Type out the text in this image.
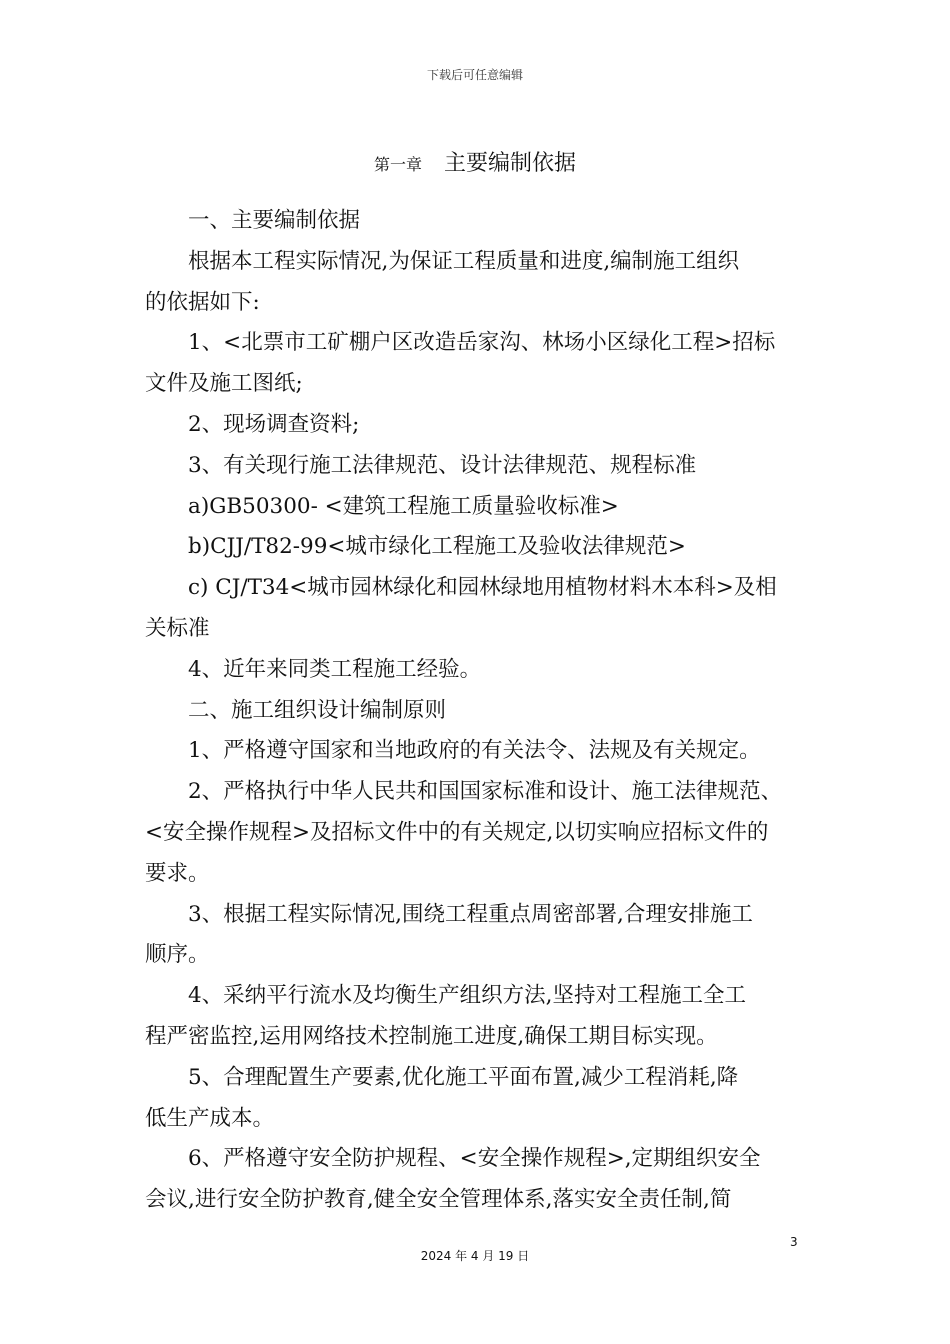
下载后可任意编辑
第一章 主要编制依据

一、主要编制依据

根据本工程实际情况,为保证工程质量和进度,编制施工组织

的依据如下:

1、<北票市工矿棚户区改造岳家沟、林场小区绿化工程>招标

文件及施工图纸;

2、现场调查资料;

3、有关现行施工法律规范、设计法律规范、规程标准

a)GB50300- <建筑工程施工质量验收标准>

b)CJJ/T82-99<城市绿化工程施工及验收法律规范>

c) CJ/T34<城市园林绿化和园林绿地用植物材料木本科>及相

关标准

4、近年来同类工程施工经验。

二、施工组织设计编制原则

1、严格遵守国家和当地政府的有关法令、法规及有关规定。

2、严格执行中华人民共和国国家标准和设计、施工法律规范、

<安全操作规程>及招标文件中的有关规定,以切实响应招标文件的

要求。

3、根据工程实际情况,围绕工程重点周密部署,合理安排施工

顺序。

4、采纳平行流水及均衡生产组织方法,坚持对工程施工全工

程严密监控,运用网络技术控制施工进度,确保工期目标实现。

5、合理配置生产要素,优化施工平面布置,减少工程消耗,降

低生产成本。

6、严格遵守安全防护规程、<安全操作规程>,定期组织安全

会议,进行安全防护教育,健全安全管理体系,落实安全责任制,简

3
2024 年 4 月 19 日
